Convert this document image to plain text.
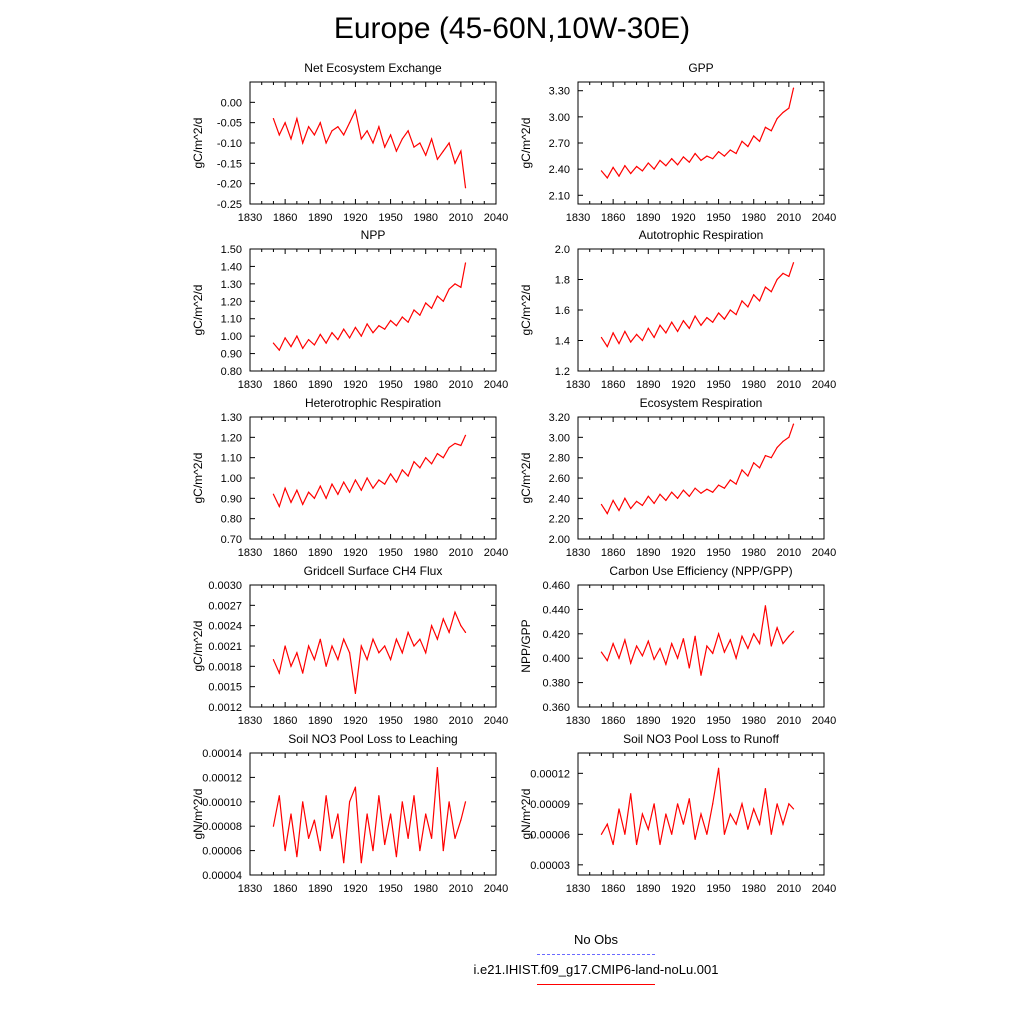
Europe (45-60N,10W-30E)
Net Ecosystem Exchange
1830 1860 1890 1920 1950 1980 2010 2040
0.00
-0.05
-0.10
-0.15
-0.20
-0.25
gC/m^2/d
GPP
1830 1860 1890 1920 1950 1980 2010 2040
3.30
3.00
2.70
2.40
2.10
gC/m^2/d
NPP
1830 1860 1890 1920 1950 1980 2010 2040
1.50
1.40
1.30
1.20
1.10
1.00
0.90
0.80
gC/m^2/d
Autotrophic Respiration
1830 1860 1890 1920 1950 1980 2010 2040
2.0
1.8
1.6
1.4
1.2
gC/m^2/d
Heterotrophic Respiration
1830 1860 1890 1920 1950 1980 2010 2040
1.30
1.20
1.10
1.00
0.90
0.80
0.70
gC/m^2/d
Ecosystem Respiration
1830 1860 1890 1920 1950 1980 2010 2040
3.20
3.00
2.80
2.60
2.40
2.20
2.00
gC/m^2/d
Gridcell Surface CH4 Flux
1830 1860 1890 1920 1950 1980 2010 2040
0.0030
0.0027
0.0024
0.0021
0.0018
0.0015
0.0012
gC/m^2/d
Carbon Use Efficiency (NPP/GPP)
1830 1860 1890 1920 1950 1980 2010 2040
0.460
0.440
0.420
0.400
0.380
0.360
NPP/GPP
Soil NO3 Pool Loss to Leaching
1830 1860 1890 1920 1950 1980 2010 2040
0.00014
0.00012
0.00010
0.00008
0.00006
0.00004
gN/m^2/d
Soil NO3 Pool Loss to Runoff
1830 1860 1890 1920 1950 1980 2010 2040
0.00012
0.00009
0.00006
0.00003
gN/m^2/d
No Obs
i.e21.IHIST.f09_g17.CMIP6-land-noLu.001
